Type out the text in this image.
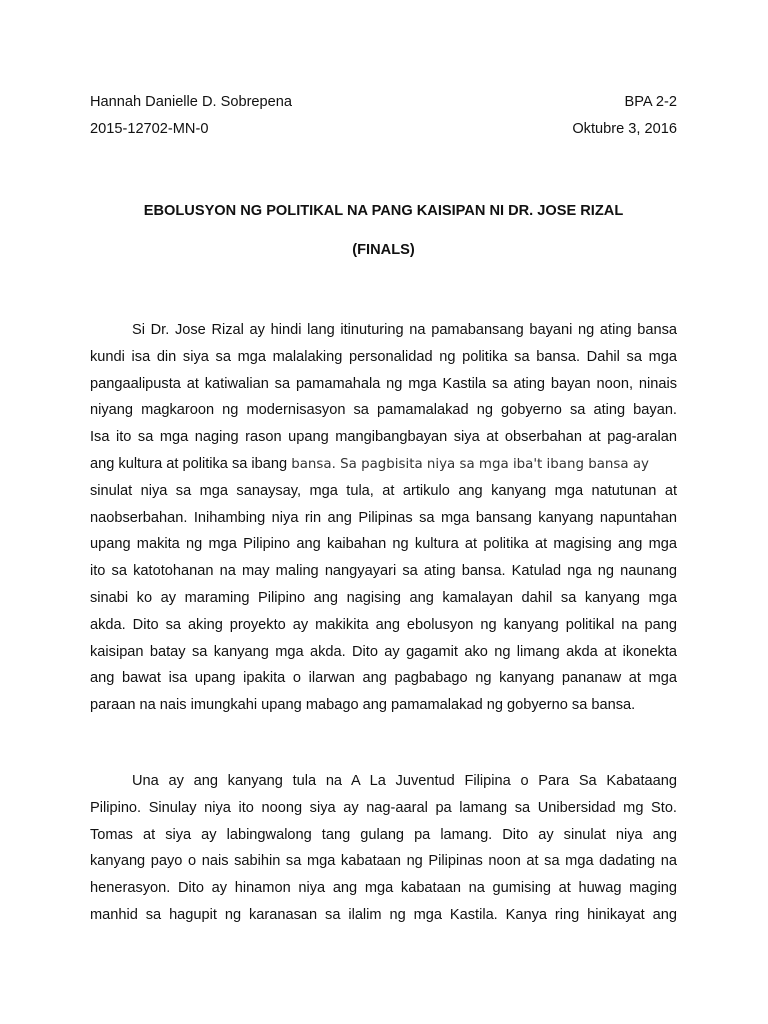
Hannah Danielle D. Sobrepena	BPA 2-2
2015-12702-MN-0	Oktubre 3, 2016
EBOLUSYON NG POLITIKAL NA PANG KAISIPAN NI DR. JOSE RIZAL
(FINALS)
Si Dr. Jose Rizal ay hindi lang itinuturing na pamabansang bayani ng ating bansa
kundi isa din siya sa mga malalaking personalidad ng politika sa bansa. Dahil sa mga
pangaalipusta at katiwalian sa pamamahala ng mga Kastila sa ating bayan noon, ninais
niyang magkaroon ng modernisasyon sa pamamalakad ng gobyerno sa ating bayan.
Isa ito sa mga naging rason upang mangibangbayan siya at obserbahan at pag-aralan
ang kultura at politika sa ibang bansa. Sa pagbisita niya sa mga iba't ibang bansa ay
sinulat niya sa mga sanaysay, mga tula, at artikulo ang kanyang mga natutunan at
naobserbahan. Inihambing niya rin ang Pilipinas sa mga bansang kanyang napuntahan
upang makita ng mga Pilipino ang kaibahan ng kultura at politika at magising ang mga
ito sa katotohanan na may maling nangyayari sa ating bansa. Katulad nga ng naunang
sinabi ko ay maraming Pilipino ang nagising ang kamalayan dahil sa kanyang mga
akda. Dito sa aking proyekto ay makikita ang ebolusyon ng kanyang politikal na pang
kaisipan batay sa kanyang mga akda. Dito ay gagamit ako ng limang akda at ikonekta
ang bawat isa upang ipakita o ilarwan ang pagbabago ng kanyang pananaw at mga
paraan na nais imungkahi upang mabago ang pamamalakad ng gobyerno sa bansa.
Una ay ang kanyang tula na A La Juventud Filipina o Para Sa Kabataang
Pilipino. Sinulay niya ito noong siya ay nag-aaral pa lamang sa Unibersidad mg Sto.
Tomas at siya ay labingwalong tang gulang pa lamang. Dito ay sinulat niya ang
kanyang payo o nais sabihin sa mga kabataan ng Pilipinas noon at sa mga dadating na
henerasyon. Dito ay hinamon niya ang mga kabataan na gumising at huwag maging
manhid sa hagupit ng karanasan sa ilalim ng mga Kastila. Kanya ring hinikayat ang
